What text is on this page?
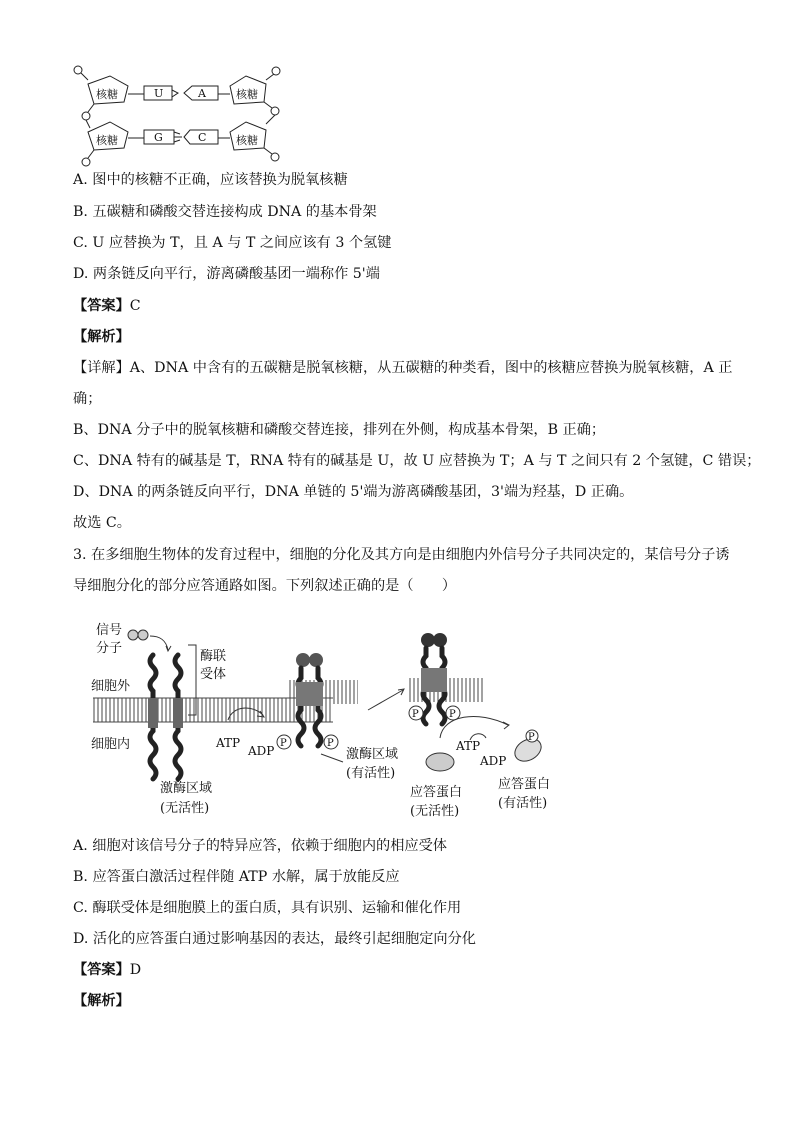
核糖	核糖
核糖	核糖
U	A
G	C
A. 图中的核糖不正确，应该替换为脱氧核糖
B. 五碳糖和磷酸交替连接构成 DNA 的基本骨架
C. U 应替换为 T，且 A 与 T 之间应该有 3 个氢键
D. 两条链反向平行，游离磷酸基团一端称作 5'端
【答案】C
【解析】
【详解】A、DNA 中含有的五碳糖是脱氧核糖，从五碳糖的种类看，图中的核糖应替换为脱氧核糖，A 正
确；
B、DNA 分子中的脱氧核糖和磷酸交替连接，排列在外侧，构成基本骨架，B 正确；
C、DNA 特有的碱基是 T，RNA 特有的碱基是 U，故 U 应替换为 T；A 与 T 之间只有 2 个氢键，C 错误；
D、DNA 的两条链反向平行，DNA 单链的 5'端为游离磷酸基团，3'端为羟基，D 正确。
故选 C。
3. 在多细胞生物体的发育过程中，细胞的分化及其方向是由细胞内外信号分子共同决定的，某信号分子诱
导细胞分化的部分应答通路如图。下列叙述正确的是（　　）
信号
分子
酶联
受体
细胞外
细胞内	ATP
ADP
P	P
P	P
P
激酶区域
(无活性)
激酶区域
(有活性)
ATP
ADP
应答蛋白
(无活性)
应答蛋白
(有活性)
A. 细胞对该信号分子的特异应答，依赖于细胞内的相应受体
B. 应答蛋白激活过程伴随 ATP 水解，属于放能反应
C. 酶联受体是细胞膜上的蛋白质，具有识别、运输和催化作用
D. 活化的应答蛋白通过影响基因的表达，最终引起细胞定向分化
【答案】D
【解析】
